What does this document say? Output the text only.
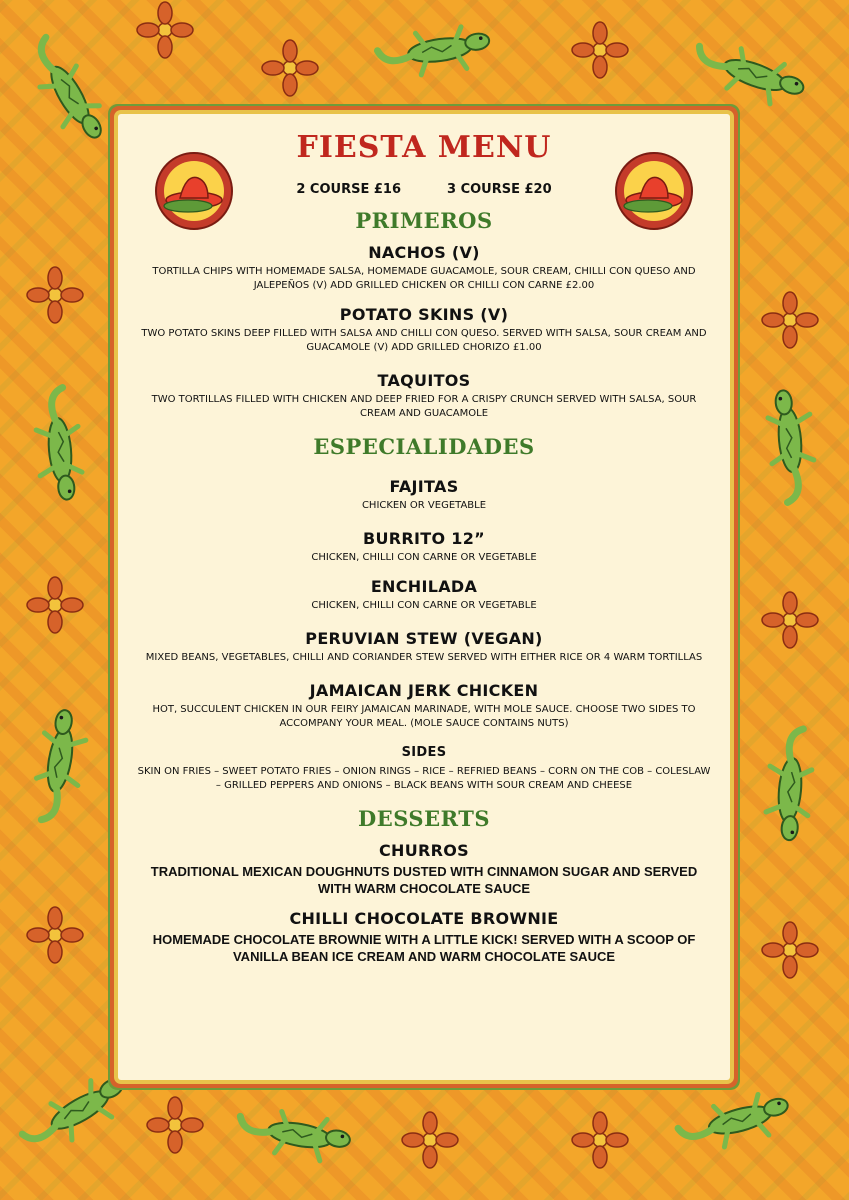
FIESTA MENU
2 COURSE £16	3 COURSE £20
PRIMEROS
NACHOS (V)
TORTILLA CHIPS WITH HOMEMADE SALSA, HOMEMADE GUACAMOLE, SOUR CREAM, CHILLI CON QUESO AND JALEPEÑOS (V) ADD GRILLED CHICKEN OR CHILLI CON CARNE £2.00
POTATO SKINS (V)
TWO POTATO SKINS DEEP FILLED WITH SALSA AND CHILLI CON QUESO. SERVED WITH SALSA, SOUR CREAM AND GUACAMOLE (V) ADD GRILLED CHORIZO £1.00
TAQUITOS
TWO TORTILLAS FILLED WITH CHICKEN AND DEEP FRIED FOR A CRISPY CRUNCH SERVED WITH SALSA, SOUR CREAM AND GUACAMOLE
ESPECIALIDADES
FAJITAS
CHICKEN OR VEGETABLE
BURRITO 12”
CHICKEN, CHILLI CON CARNE OR VEGETABLE
ENCHILADA
CHICKEN, CHILLI CON CARNE OR VEGETABLE
PERUVIAN STEW (VEGAN)
MIXED BEANS, VEGETABLES, CHILLI AND CORIANDER STEW SERVED WITH EITHER RICE OR 4 WARM TORTILLAS
JAMAICAN JERK CHICKEN
HOT, SUCCULENT CHICKEN IN OUR FEIRY JAMAICAN MARINADE, WITH MOLE SAUCE. CHOOSE TWO SIDES TO ACCOMPANY YOUR MEAL. (MOLE SAUCE CONTAINS NUTS)
SIDES
SKIN ON FRIES – SWEET POTATO FRIES – ONION RINGS – RICE – REFRIED BEANS – CORN ON THE COB – COLESLAW – GRILLED PEPPERS AND ONIONS – BLACK BEANS WITH SOUR CREAM AND CHEESE
DESSERTS
CHURROS
TRADITIONAL MEXICAN DOUGHNUTS DUSTED WITH CINNAMON SUGAR AND SERVED WITH WARM CHOCOLATE SAUCE
CHILLI CHOCOLATE BROWNIE
HOMEMADE CHOCOLATE BROWNIE WITH A LITTLE KICK! SERVED WITH A SCOOP OF VANILLA BEAN ICE CREAM AND WARM CHOCOLATE SAUCE
